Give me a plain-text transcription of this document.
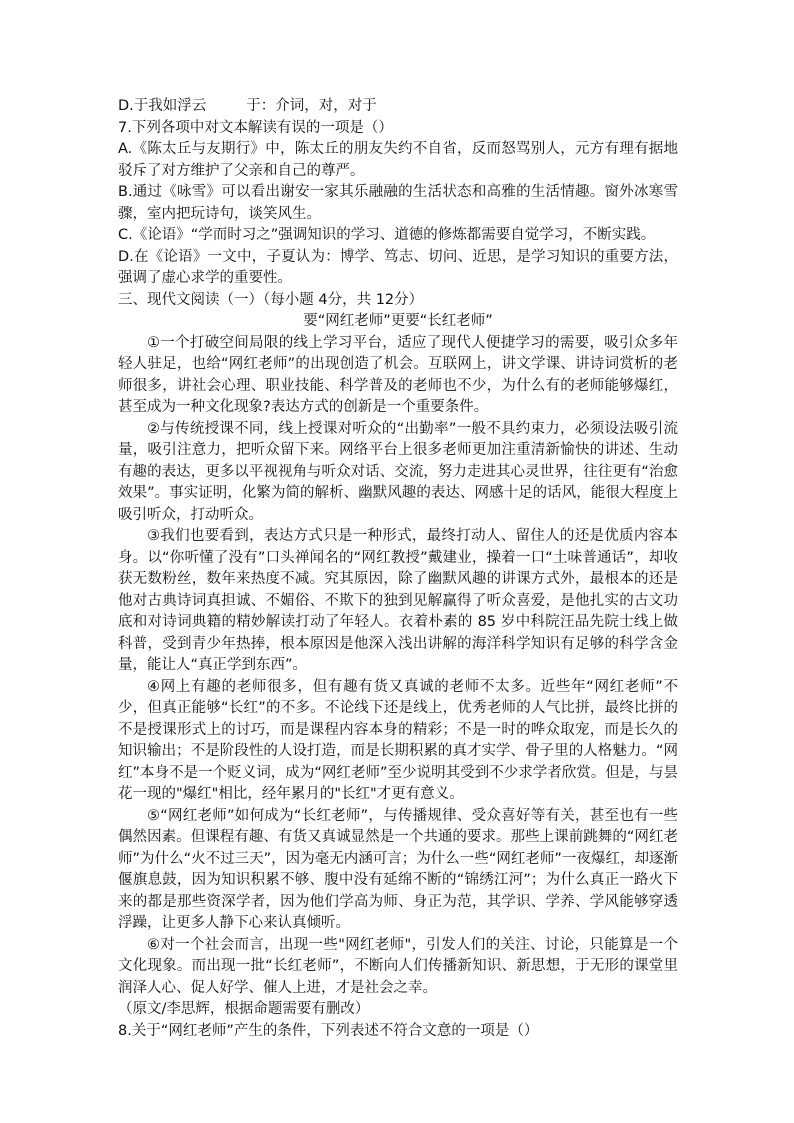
D.于我如浮云	于：介词，对，对于

7.下列各项中对文本解读有误的一项是（）

A.《陈太丘与友期行》中，陈太丘的朋友失约不自省，反而怒骂别人，元方有理有据地驳斥了对方维护了父亲和自己的尊严。

B.通过《咏雪》可以看出谢安一家其乐融融的生活状态和高雅的生活情趣。窗外冰寒雪骤，室内把玩诗句，谈笑风生。

C.《论语》“学而时习之”强调知识的学习、道德的修炼都需要自觉学习，不断实践。

D.在《论语》一文中，子夏认为：博学、笃志、切问、近思，是学习知识的重要方法，强调了虚心求学的重要性。

三、现代文阅读（一）（每小题 4分，共 12分）

要“网红老师”更要“长红老师”

①一个打破空间局限的线上学习平台，适应了现代人便捷学习的需要，吸引众多年轻人驻足，也给“网红老师”的出现创造了机会。互联网上，讲文学课、讲诗词赏析的老师很多，讲社会心理、职业技能、科学普及的老师也不少，为什么有的老师能够爆红，甚至成为一种文化现象?表达方式的创新是一个重要条件。

②与传统授课不同，线上授课对听众的“出勤率”一般不具约束力，必须设法吸引流量，吸引注意力，把听众留下来。网络平台上很多老师更加注重清新愉快的讲述、生动有趣的表达，更多以平视视角与听众对话、交流，努力走进其心灵世界，往往更有“治愈效果”。事实证明，化繁为简的解析、幽默风趣的表达、网感十足的话风，能很大程度上吸引听众，打动听众。

③我们也要看到，表达方式只是一种形式，最终打动人、留住人的还是优质内容本身。以“你听懂了没有”口头禅闻名的“网红教授”戴建业，操着一口“土味普通话”，却收获无数粉丝，数年来热度不减。究其原因，除了幽默风趣的讲课方式外，最根本的还是他对古典诗词真担诚、不媚俗、不欺下的独到见解赢得了听众喜爱，是他扎实的古文功底和对诗词典籍的精妙解读打动了年轻人。衣着朴素的 85 岁中科院汪品先院士线上做科普，受到青少年热捧，根本原因是他深入浅出讲解的海洋科学知识有足够的科学含金量，能让人“真正学到东西”。

④网上有趣的老师很多，但有趣有货又真诚的老师不太多。近些年“网红老师”不少，但真正能够“长红”的不多。不论线下还是线上，优秀老师的人气比拼，最终比拼的不是授课形式上的讨巧，而是课程内容本身的精彩；不是一时的哗众取宠，而是长久的知识输出；不是阶段性的人设打造，而是长期积累的真才实学、骨子里的人格魅力。“网红”本身不是一个贬义词，成为“网红老师”至少说明其受到不少求学者欣赏。但是，与昙花一现的"爆红"相比，经年累月的"长红"才更有意义。

⑤“网红老师”如何成为“长红老师”，与传播规律、受众喜好等有关，甚至也有一些偶然因素。但课程有趣、有货又真诚显然是一个共通的要求。那些上课前跳舞的“网红老师”为什么“火不过三天”，因为毫无内涵可言；为什么一些“网红老师”一夜爆红，却逐渐偃旗息鼓，因为知识积累不够、腹中没有延绵不断的“锦绣江河”；为什么真正一路火下来的都是那些资深学者，因为他们学高为师、身正为范，其学识、学养、学风能够穿透浮躁，让更多人静下心来认真倾听。

⑥对一个社会而言，出现一些"网红老师"，引发人们的关注、讨论，只能算是一个文化现象。而出现一批“长红老师”，不断向人们传播新知识、新思想，于无形的课堂里润泽人心、促人好学、催人上进，才是社会之幸。

（原文/李思辉，根据命题需要有删改）

8.关于“网红老师”产生的条件，下列表述不符合文意的一项是（）
